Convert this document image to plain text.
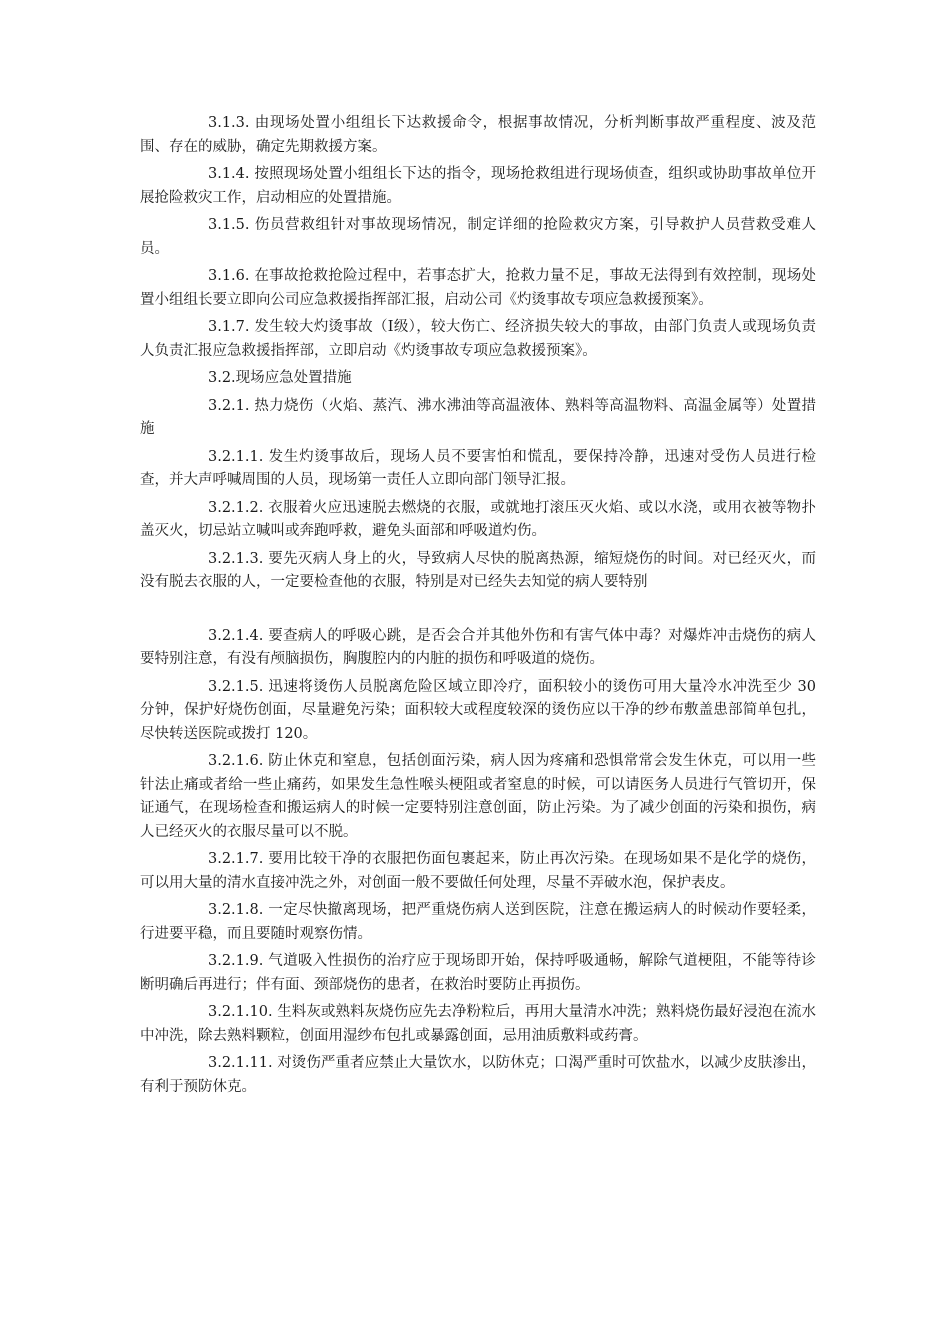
3.1.3. 由现场处置小组组长下达救援命令，根据事故情况，分析判断事故严重程度、波及范围、存在的威胁，确定先期救援方案。

3.1.4. 按照现场处置小组组长下达的指令，现场抢救组进行现场侦查，组织或协助事故单位开展抢险救灾工作，启动相应的处置措施。

3.1.5. 伤员营救组针对事故现场情况，制定详细的抢险救灾方案，引导救护人员营救受难人员。

3.1.6. 在事故抢救抢险过程中，若事态扩大，抢救力量不足，事故无法得到有效控制，现场处置小组组长要立即向公司应急救援指挥部汇报，启动公司《灼烫事故专项应急救援预案》。

3.1.7. 发生较大灼烫事故（Ⅰ级），较大伤亡、经济损失较大的事故，由部门负责人或现场负责人负责汇报应急救援指挥部，立即启动《灼烫事故专项应急救援预案》。

3.2.现场应急处置措施

3.2.1. 热力烧伤（火焰、蒸汽、沸水沸油等高温液体、熟料等高温物料、高温金属等）处置措施

3.2.1.1. 发生灼烫事故后，现场人员不要害怕和慌乱，要保持冷静，迅速对受伤人员进行检查，并大声呼喊周围的人员，现场第一责任人立即向部门领导汇报。

3.2.1.2. 衣服着火应迅速脱去燃烧的衣服，或就地打滚压灭火焰、或以水浇，或用衣被等物扑盖灭火，切忌站立喊叫或奔跑呼救，避免头面部和呼吸道灼伤。

3.2.1.3. 要先灭病人身上的火，导致病人尽快的脱离热源，缩短烧伤的时间。对已经灭火，而没有脱去衣服的人，一定要检查他的衣服，特别是对已经失去知觉的病人要特别

3.2.1.4. 要查病人的呼吸心跳，是否会合并其他外伤和有害气体中毒？对爆炸冲击烧伤的病人要特别注意，有没有颅脑损伤，胸腹腔内的内脏的损伤和呼吸道的烧伤。

3.2.1.5. 迅速将烫伤人员脱离危险区域立即冷疗，面积较小的烫伤可用大量冷水冲洗至少 30 分钟，保护好烧伤创面，尽量避免污染；面积较大或程度较深的烫伤应以干净的纱布敷盖患部简单包扎，尽快转送医院或拨打 120。

3.2.1.6. 防止休克和窒息，包括创面污染，病人因为疼痛和恐惧常常会发生休克，可以用一些针法止痛或者给一些止痛药，如果发生急性喉头梗阻或者窒息的时候，可以请医务人员进行气管切开，保证通气，在现场检查和搬运病人的时候一定要特别注意创面，防止污染。为了减少创面的污染和损伤，病人已经灭火的衣服尽量可以不脱。

3.2.1.7. 要用比较干净的衣服把伤面包裹起来，防止再次污染。在现场如果不是化学的烧伤，可以用大量的清水直接冲洗之外，对创面一般不要做任何处理，尽量不弄破水泡，保护表皮。

3.2.1.8. 一定尽快撤离现场，把严重烧伤病人送到医院，注意在搬运病人的时候动作要轻柔，行进要平稳，而且要随时观察伤情。

3.2.1.9. 气道吸入性损伤的治疗应于现场即开始，保持呼吸通畅，解除气道梗阻，不能等待诊断明确后再进行；伴有面、颈部烧伤的患者，在救治时要防止再损伤。

3.2.1.10. 生料灰或熟料灰烧伤应先去净粉粒后，再用大量清水冲洗；熟料烧伤最好浸泡在流水中冲洗，除去熟料颗粒，创面用湿纱布包扎或暴露创面，忌用油质敷料或药膏。

3.2.1.11. 对烫伤严重者应禁止大量饮水，以防休克；口渴严重时可饮盐水，以减少皮肤渗出，有利于预防休克。
